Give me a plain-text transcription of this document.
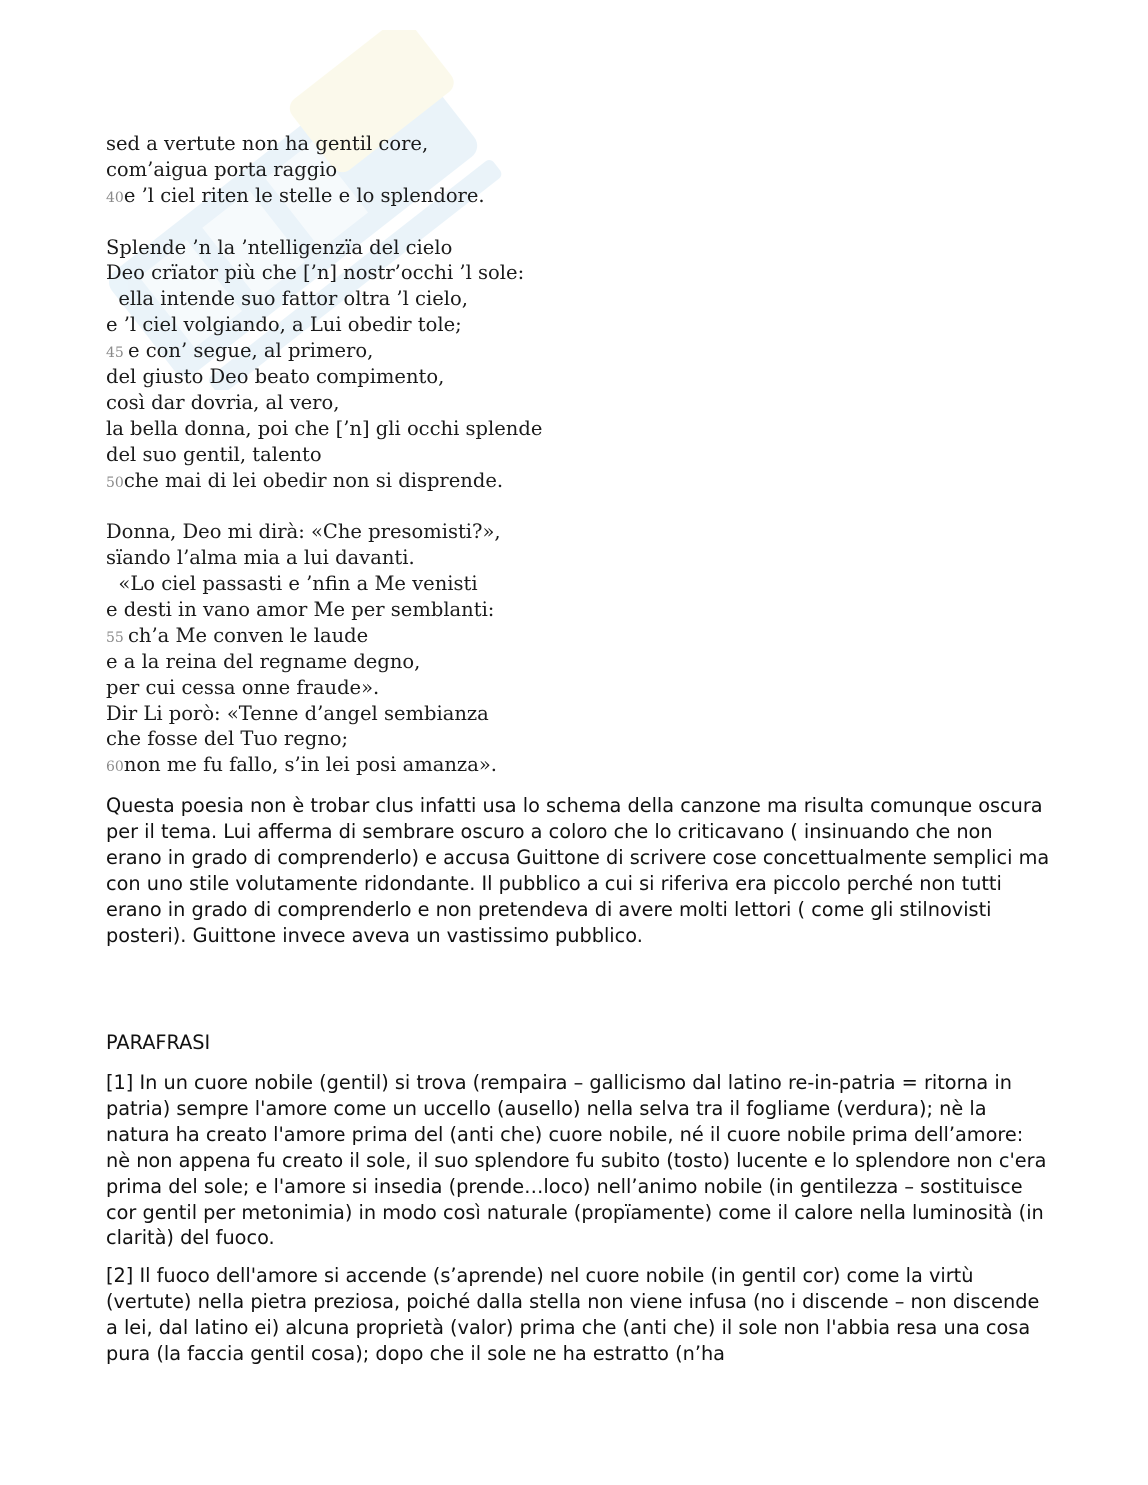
sed a vertute non ha gentil core,
com’aigua porta raggio
40e ’l ciel riten le stelle e lo splendore.
Splende ’n la ’ntelligenzïa del cielo
Deo crïator più che [’n] nostr’occhi ’l sole:
ella intende suo fattor oltra ’l cielo,
e ’l ciel volgiando, a Lui obedir tole;
45 e con’ segue, al primero,
del giusto Deo beato compimento,
così dar dovria, al vero,
la bella donna, poi che [’n] gli occhi splende
del suo gentil, talento
50che mai di lei obedir non si disprende.
Donna, Deo mi dirà: «Che presomisti?»,
sïando l’alma mia a lui davanti.
«Lo ciel passasti e ’nfin a Me venisti
e desti in vano amor Me per semblanti:
55 ch’a Me conven le laude
e a la reina del regname degno,
per cui cessa onne fraude».
Dir Li porò: «Tenne d’angel sembianza
che fosse del Tuo regno;
60non me fu fallo, s’in lei posi amanza».

Questa poesia non è trobar clus infatti usa lo schema della canzone ma risulta comunque oscura per il tema. Lui afferma di sembrare oscuro a coloro che lo criticavano ( insinuando che non erano in grado di comprenderlo) e accusa Guittone di scrivere cose concettualmente semplici ma con uno stile volutamente ridondante. Il pubblico a cui si riferiva era piccolo perché non tutti erano in grado di comprenderlo e non pretendeva di avere molti lettori ( come gli stilnovisti posteri). Guittone invece aveva un vastissimo pubblico.

PARAFRASI

[1] In un cuore nobile (gentil) si trova (rempaira – gallicismo dal latino re-in-patria = ritorna in patria) sempre l'amore come un uccello (ausello) nella selva tra il fogliame (verdura); nè la natura ha creato l'amore prima del (anti che) cuore nobile, né il cuore nobile prima dell’amore: nè non appena fu creato il sole, il suo splendore fu subito (tosto) lucente e lo splendore non c'era prima del sole; e l'amore si insedia (prende…loco) nell’animo nobile (in gentilezza – sostituisce cor gentil per metonimia) in modo così naturale (propïamente) come il calore nella luminosità (in clarità) del fuoco.

[2] Il fuoco dell'amore si accende (s’aprende) nel cuore nobile (in gentil cor) come la virtù (vertute) nella pietra preziosa, poiché dalla stella non viene infusa (no i discende – non discende a lei, dal latino ei) alcuna proprietà (valor) prima che (anti che) il sole non l'abbia resa una cosa pura (la faccia gentil cosa); dopo che il sole ne ha estratto (n’ha
